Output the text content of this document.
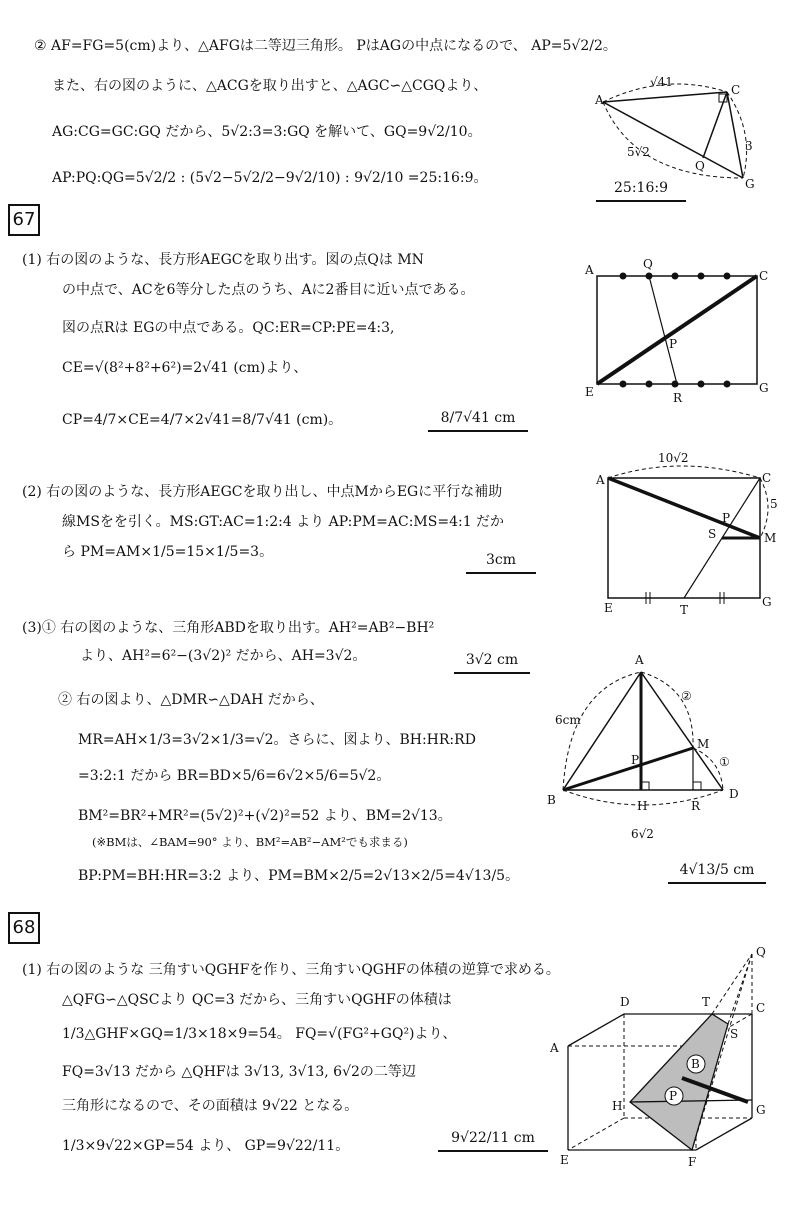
② AF=FG=5(cm)より、△AFGは二等辺三角形。 PはAGの中点になるので、 AP=5√2/2。
また、右の図のように、△ACGを取り出すと、△AGC∽△CGQより、
AG:CG=GC:GQ だから、5√2:3=3:GQ を解いて、GQ=9√2/10。
AP:PQ:QG=5√2/2 : (5√2−5√2/2−9√2/10) : 9√2/10 =25:16:9。
25:16:9
A
C
Q
G
√41
5√2	3
67
(1) 右の図のような、長方形AEGCを取り出す。図の点Qは MN
の中点で、ACを6等分した点のうち、Aに2番目に近い点である。
図の点Rは EGの中点である。QC:ER=CP:PE=4:3,
CE=√(8²+8²+6²)=2√41 (cm)より、
CP=4/7×CE=4/7×2√41=8/7√41 (cm)。	8/7√41 cm
A	Q
C
P
E	R
G
(2) 右の図のような、長方形AEGCを取り出し、中点MからEGに平行な補助
線MSをを引く。MS:GT:AC=1:2:4 より AP:PM=AC:MS=4:1 だか
ら PM=AM×1/5=15×1/5=3。	3cm
A
10√2
C
P
S	M
5
E	T
G
(3)① 右の図のような、三角形ABDを取り出す。AH²=AB²−BH²
より、AH²=6²−(3√2)² だから、AH=3√2。	3√2 cm
② 右の図より、△DMR∽△DAH だから、
MR=AH×1/3=3√2×1/3=√2。さらに、図より、BH:HR:RD
=3:2:1 だから BR=BD×5/6=6√2×5/6=5√2。
BM²=BR²+MR²=(5√2)²+(√2)²=52 より、BM=2√13。
(※BMは、∠BAM=90° より、BM²=AB²−AM²でも求まる)
BP:PM=BH:HR=3:2 より、PM=BM×2/5=2√13×2/5=4√13/5。	4√13/5 cm
A
B
P
M
H	R
D
6cm
6√2
①
②
68
(1) 右の図のような 三角すいQGHFを作り、三角すいQGHFの体積の逆算で求める。
△QFG∽△QSCより QC=3 だから、三角すいQGHFの体積は
1/3△GHF×GQ=1/3×18×9=54。 FQ=√(FG²+GQ²)より、
FQ=3√13 だから △QHFは 3√13, 3√13, 6√2の二等辺
三角形になるので、その面積は 9√22 となる。
1/3×9√22×GP=54 より、 GP=9√22/11。	9√22/11 cm
Q
D	T	C
S
A
B
P
G
H
E	F
